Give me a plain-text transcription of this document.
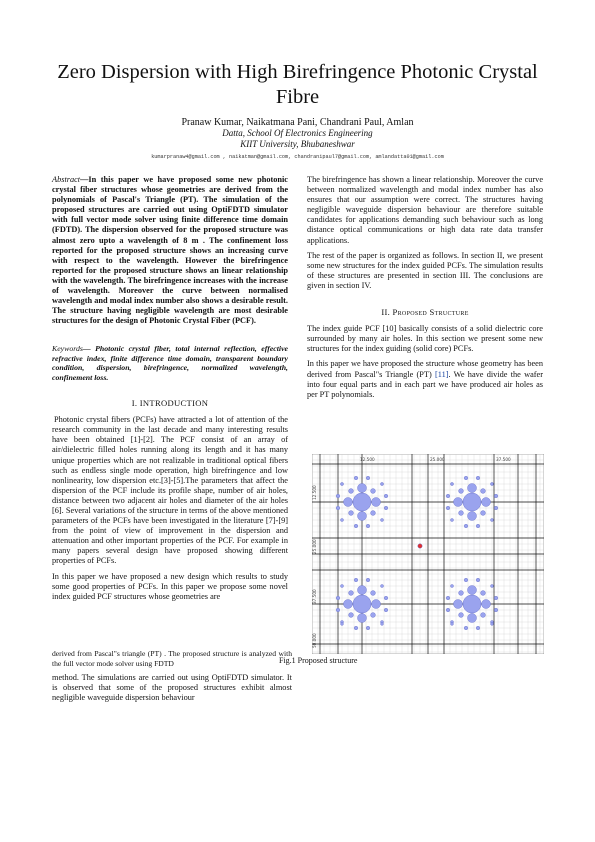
Zero Dispersion with High Birefringence Photonic Crystal Fibre
Pranaw Kumar, Naikatmana Pani, Chandrani Paul, Amlan
Datta, School Of Electronics Engineering
KIIT University, Bhubaneshwar
kumarpranaw4@gmail.com , naikatman@gmail.com, chandranipaul7@gmail.com, amlandatta01@gmail.com
Abstract—In this paper we have proposed some new photonic crystal fiber structures whose geometries are derived from the polynomials of Pascal's Triangle (PT). The simulation of the proposed structures are carried out using OptiFDTD simulator with full vector mode solver using finite difference time domain (FDTD). The dispersion observed for the proposed structure was almost zero upto a wavelength of 8 m . The confinement loss reported for the proposed structure shows an increasing curve with respect to the wavelength. However the birefringence reported for the proposed structure shows an linear relationship with the wavelength. The birefringence increases with the increase of wavelength. Moreover the curve between normalised wavelength and modal index number also shows a desirable result. The structure having negligible wavelength are most desirable structures for the design of Photonic Crystal Fiber (PCF).
Keywords— Photonic crystal fiber, total internal reflection, effective refractive index, finite difference time domain, transparent boundary condition, dispersion, birefringence, normalized wavelength, confinement loss.
I. INTRODUCTION

Photonic crystal fibers (PCFs) have attracted a lot of attention of the research community in the last decade and many interesting results have been obtained [1]-[2]. The PCF consist of an array of air/dielectric filled holes running along its length and it has many unique properties which are not realizable in traditional optical fibers such as endless single mode operation, high birefringence and low nonlinearity, low dispersion etc.[3]-[5].The parameters that affect the dispersion of the PCF include its profile shape, number of air holes, distance between two adjacent air holes and diameter of the air holes [6]. Several variations of the structure in terms of the above mentioned parameters of the PCFs have been investigated in the literature [7]-[9] from the point of view of improvement in the dispersion and attenuation and other important properties of the PCF. For example in many papers several design have proposed showing different properties of PCFs.

In this paper we have proposed a new design which results to study some good properties of PCFs. In this paper we propose some novel index guided PCF structures whose geometries are

derived from Pascal"s triangle (PT) . The proposed structure is analyzed with the full vector mode solver using FDTD

method. The simulations are carried out using OptiFDTD simulator. It is observed that some of the proposed structures exhibit almost negligible waveguide dispersion behaviour

The birefringence has shown a linear relationship. Moreover the curve between normalized wavelength and modal index number has also ensures that our assumption were correct. The structures having negligible waveguide dispersion behaviour are therefore suitable candidates for applications demanding such behaviour such as long distance optical communications or high data rate data transfer applications.

The rest of the paper is organized as follows. In section II, we present some new structures for the index guided PCFs. The simulation results of these structures are presented in section III. The conclusions are given in section IV.

II. Proposed Structure

The index guide PCF [10] basically consists of a solid dielectric core surrounded by many air holes. In this section we present some new structures for the index guiding (solid core) PCFs.

In this paper we have proposed the structure whose geometry has been derived from Pascal"s Triangle (PT) [11]. We have divide the wafer into four equal parts and in each part we have produced air holes as per PT polynomials.

12.500	25.000	37.500
12.500
25.000
37.500
50.000
Fig.1 Proposed structure
